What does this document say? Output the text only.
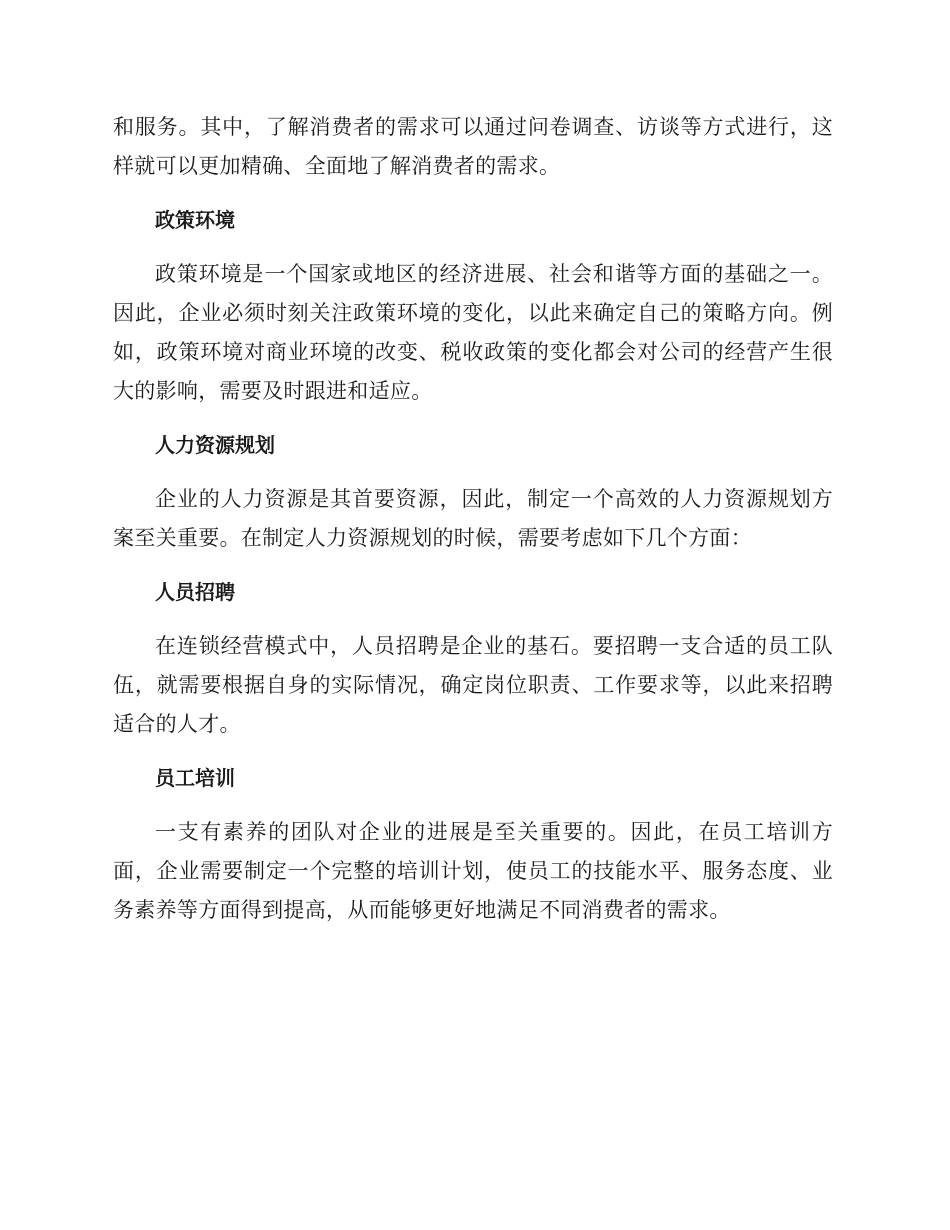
和服务。其中，了解消费者的需求可以通过问卷调查、访谈等方式进行，这样就可以更加精确、全面地了解消费者的需求。

政策环境

政策环境是一个国家或地区的经济进展、社会和谐等方面的基础之一。因此，企业必须时刻关注政策环境的变化，以此来确定自己的策略方向。例如，政策环境对商业环境的改变、税收政策的变化都会对公司的经营产生很大的影响，需要及时跟进和适应。

人力资源规划

企业的人力资源是其首要资源，因此，制定一个高效的人力资源规划方案至关重要。在制定人力资源规划的时候，需要考虑如下几个方面：

人员招聘

在连锁经营模式中，人员招聘是企业的基石。要招聘一支合适的员工队伍，就需要根据自身的实际情况，确定岗位职责、工作要求等，以此来招聘适合的人才。

员工培训

一支有素养的团队对企业的进展是至关重要的。因此，在员工培训方面，企业需要制定一个完整的培训计划，使员工的技能水平、服务态度、业务素养等方面得到提高，从而能够更好地满足不同消费者的需求。
